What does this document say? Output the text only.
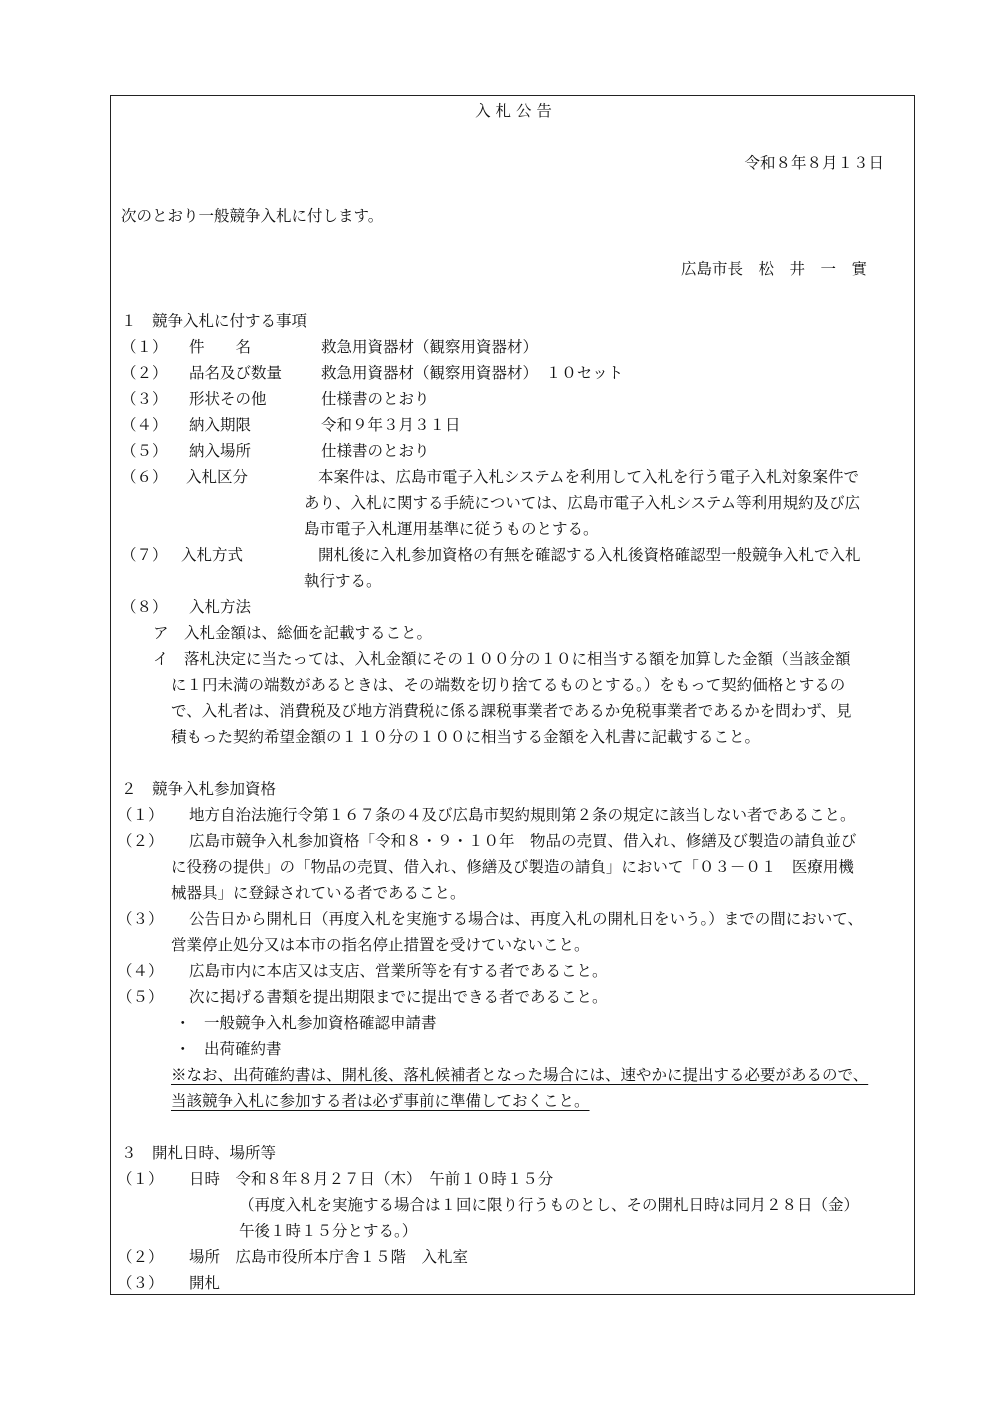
入 札 公 告
令和８年８月１３日
次のとおり一般競争入札に付します。
広島市長　松　井　一　實
１　競争入札に付する事項
（１） 件　　名	救急用資器材（観察用資器材）
（２） 品名及び数量	救急用資器材（観察用資器材）　１０セット
（３） 形状その他	仕様書のとおり
（４） 納入期限	令和９年３月３１日
（５） 納入場所	仕様書のとおり
（６） 入札区分	本案件は、広島市電子入札システムを利用して入札を行う電子入札対象案件で
あり、入札に関する手続については、広島市電子入札システム等利用規約及び広
島市電子入札運用基準に従うものとする。
（７） 入札方式	開札後に入札参加資格の有無を確認する入札後資格確認型一般競争入札で入札
執行する。
（８） 入札方法
ア　入札金額は、総価を記載すること。
イ　落札決定に当たっては、入札金額にその１００分の１０に相当する額を加算した金額（当該金額
に１円未満の端数があるときは、その端数を切り捨てるものとする。）をもって契約価格とするの
で、入札者は、消費税及び地方消費税に係る課税事業者であるか免税事業者であるかを問わず、見
積もった契約希望金額の１１０分の１００に相当する金額を入札書に記載すること。
２　競争入札参加資格
（１） 地方自治法施行令第１６７条の４及び広島市契約規則第２条の規定に該当しない者であること。
（２） 広島市競争入札参加資格「令和８・９・１０年　物品の売買、借入れ、修繕及び製造の請負並び
に役務の提供」の「物品の売買、借入れ、修繕及び製造の請負」において「０３－０１　医療用機
械器具」に登録されている者であること。
（３） 公告日から開札日（再度入札を実施する場合は、再度入札の開札日をいう。）までの間において、
営業停止処分又は本市の指名停止措置を受けていないこと。
（４） 広島市内に本店又は支店、営業所等を有する者であること。
（５） 次に掲げる書類を提出期限までに提出できる者であること。
・ 一般競争入札参加資格確認申請書
・ 出荷確約書
※なお、出荷確約書は、開札後、落札候補者となった場合には、速やかに提出する必要があるので、
当該競争入札に参加する者は必ず事前に準備しておくこと。
３　開札日時、場所等
（１） 日時　令和８年８月２７日（木）　午前１０時１５分
（再度入札を実施する場合は１回に限り行うものとし、その開札日時は同月２８日（金）
午後１時１５分とする。）
（２） 場所　広島市役所本庁舎１５階　入札室
（３） 開札
